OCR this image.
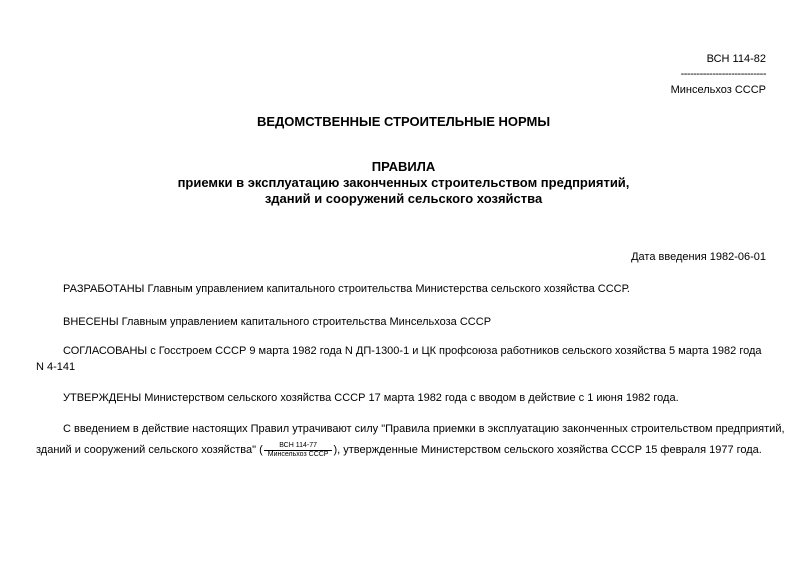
ВСН 114-82
---------------------------
Минсельхоз СССР
ВЕДОМСТВЕННЫЕ СТРОИТЕЛЬНЫЕ НОРМЫ
ПРАВИЛА
приемки в эксплуатацию законченных строительством предприятий,
зданий и сооружений сельского хозяйства
Дата введения 1982-06-01
РАЗРАБОТАНЫ Главным управлением капитального строительства Министерства сельского хозяйства СССР.
ВНЕСЕНЫ Главным управлением капитального строительства Минсельхоза СССР
СОГЛАСОВАНЫ с Госстроем СССР 9 марта 1982 года N ДП-1300-1 и ЦК профсоюза работников сельского хозяйства 5 марта 1982 года
N 4-141
УТВЕРЖДЕНЫ Министерством сельского хозяйства СССР 17 марта 1982 года с вводом в действие с 1 июня 1982 года.
С введением в действие настоящих Правил утрачивают силу "Правила приемки в эксплуатацию законченных строительством предприятий,
зданий и сооружений сельского хозяйства" ( $\frac{\text{ВСН 114-77}}{\text{Минсельхоз СССР}}$ ), утвержденные Министерством сельского хозяйства СССР 15 февраля 1977 года.
